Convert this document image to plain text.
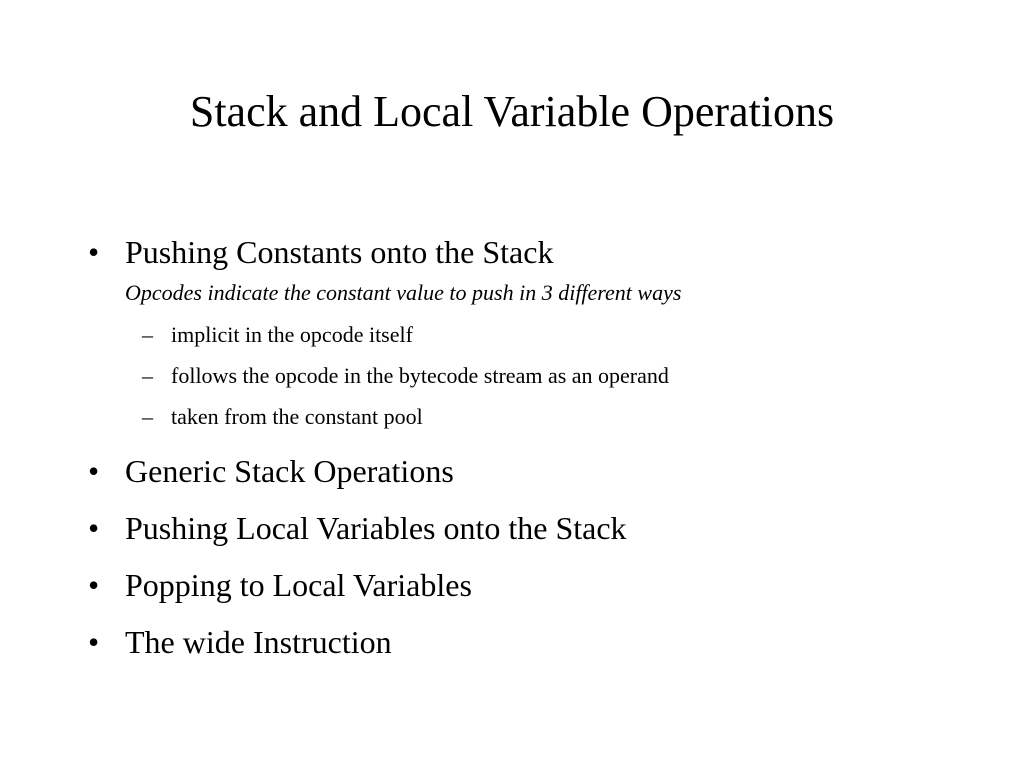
Stack and Local Variable Operations
• Pushing Constants onto the Stack
Opcodes indicate the constant value to push in 3 different ways
– implicit in the opcode itself
– follows the opcode in the bytecode stream as an operand
– taken from the constant pool
• Generic Stack Operations
• Pushing Local Variables onto the Stack
• Popping to Local Variables
• The wide Instruction
